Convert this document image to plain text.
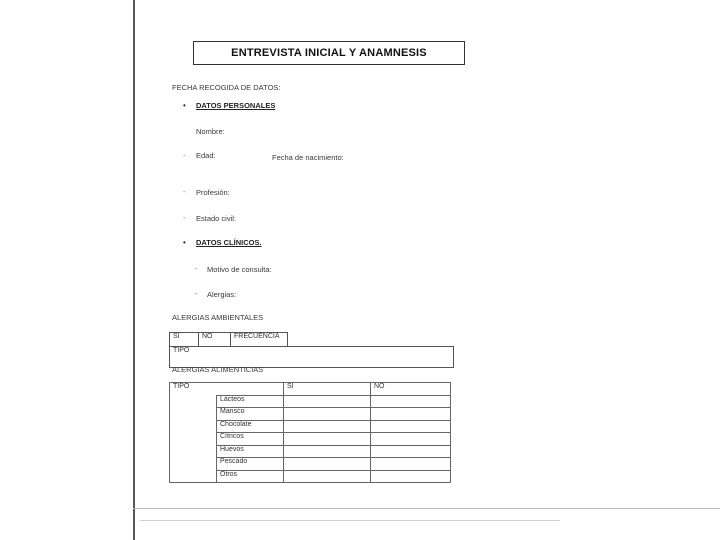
ENTREVISTA INICIAL Y ANAMNESIS
FECHA RECOGIDA DE DATOS:
• DATOS PERSONALES
Nombre:
- Edad:	Fecha de nacimiento:
- Profesión:
- Estado civil:
• DATOS CLÍNICOS.
- Motivo de consulta:
- Alergias:
ALERGIAS AMBIENTALES
SI	NO	FRECUENCIA	
TIPO
ALERGIAS ALIMENTICIAS
TIPO		SI	NO
	Lácteos		
	Marisco		
	Chocolate		
	Cítricos		
	Huevos		
	Pescado		
	Otros		
